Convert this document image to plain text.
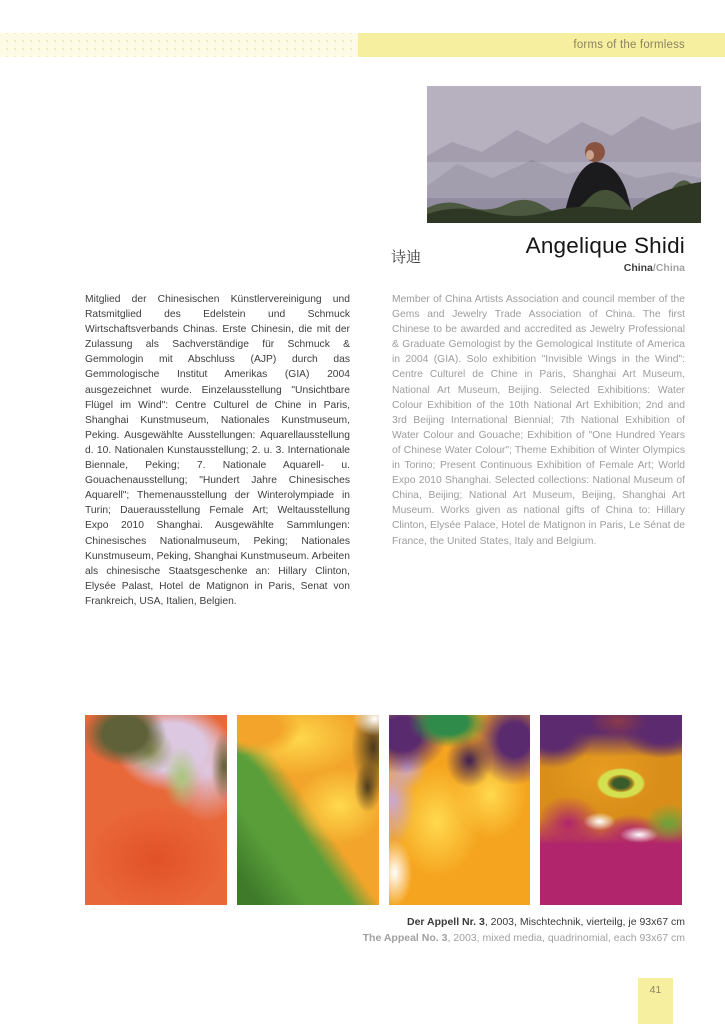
forms of the formless
诗迪	Angelique Shidi
China/China
Mitglied der Chinesischen Künstlervereinigung und Ratsmitglied des Edelstein und Schmuck Wirtschaftsverbands Chinas. Erste Chinesin, die mit der Zulassung als Sachverständige für Schmuck & Gemmologin mit Abschluss (AJP) durch das Gemmologische Institut Amerikas (GIA) 2004 ausgezeichnet wurde. Einzelausstellung "Unsichtbare Flügel im Wind": Centre Culturel de Chine in Paris, Shanghai Kunstmuseum, Nationales Kunstmuseum, Peking. Ausgewählte Ausstellungen: Aquarellausstellung d. 10. Nationalen Kunstausstellung; 2. u. 3. Internationale Biennale, Peking; 7. Nationale Aquarell- u. Gouachenausstellung; "Hundert Jahre Chinesisches Aquarell"; Themenausstellung der Winterolympiade in Turin; Dauerausstellung Female Art; Weltausstellung Expo 2010 Shanghai. Ausgewählte Sammlungen: Chinesisches Nationalmuseum, Peking; Nationales Kunstmuseum, Peking, Shanghai Kunstmuseum. Arbeiten als chinesische Staatsgeschenke an: Hillary Clinton, Elysée Palast, Hotel de Matignon in Paris, Senat von Frankreich, USA, Italien, Belgien.
Member of China Artists Association and council member of the Gems and Jewelry Trade Association of China. The first Chinese to be awarded and accredited as Jewelry Professional & Graduate Gemologist by the Gemological Institute of America in 2004 (GIA). Solo exhibition "Invisible Wings in the Wind": Centre Culturel de Chine in Paris, Shanghai Art Museum, National Art Museum, Beijing. Selected Exhibitions: Water Colour Exhibition of the 10th National Art Exhibition; 2nd and 3rd Beijing International Biennial; 7th National Exhibition of Water Colour and Gouache; Exhibition of "One Hundred Years of Chinese Water Colour"; Theme Exhibition of Winter Olympics in Torino; Present Continuous Exhibition of Female Art; World Expo 2010 Shanghai. Selected collections: National Museum of China, Beijing; National Art Museum, Beijing, Shanghai Art Museum. Works given as national gifts of China to: Hillary Clinton, Elysée Palace, Hotel de Matignon in Paris, Le Sénat de France, the United States, Italy and Belgium.
Der Appell Nr. 3, 2003, Mischtechnik, vierteilg, je 93x67 cm
The Appeal No. 3, 2003, mixed media, quadrinomial, each 93x67 cm
41
